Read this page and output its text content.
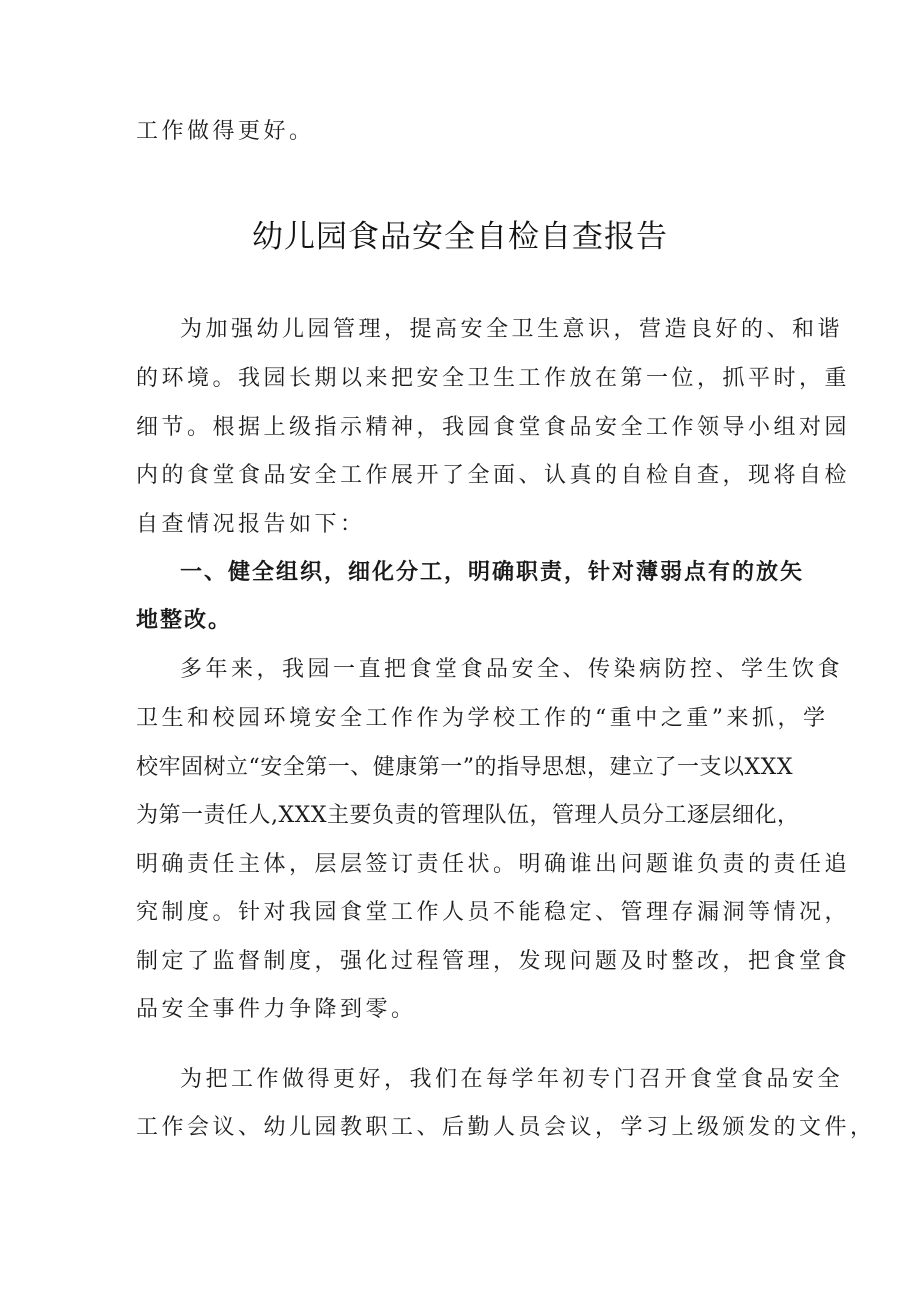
工作做得更好。
幼儿园食品安全自检自查报告
为加强幼儿园管理，提高安全卫生意识，营造良好的、和谐
的环境。我园长期以来把安全卫生工作放在第一位，抓平时，重
细节。根据上级指示精神，我园食堂食品安全工作领导小组对园
内的食堂食品安全工作展开了全面、认真的自检自查，现将自检
自查情况报告如下：
一、健全组织，细化分工，明确职责，针对薄弱点有的放矢
地整改。
多年来，我园一直把食堂食品安全、传染病防控、学生饮食
卫生和校园环境安全工作作为学校工作的“重中之重”来抓，学
校牢固树立“安全第一、健康第一”的指导思想，建立了一支以XXX
为第一责任人,XXX主要负责的管理队伍，管理人员分工逐层细化，
明确责任主体，层层签订责任状。明确谁出问题谁负责的责任追
究制度。针对我园食堂工作人员不能稳定、管理存漏洞等情况，
制定了监督制度，强化过程管理，发现问题及时整改，把食堂食
品安全事件力争降到零。
为把工作做得更好，我们在每学年初专门召开食堂食品安全
工作会议、幼儿园教职工、后勤人员会议，学习上级颁发的文件，
